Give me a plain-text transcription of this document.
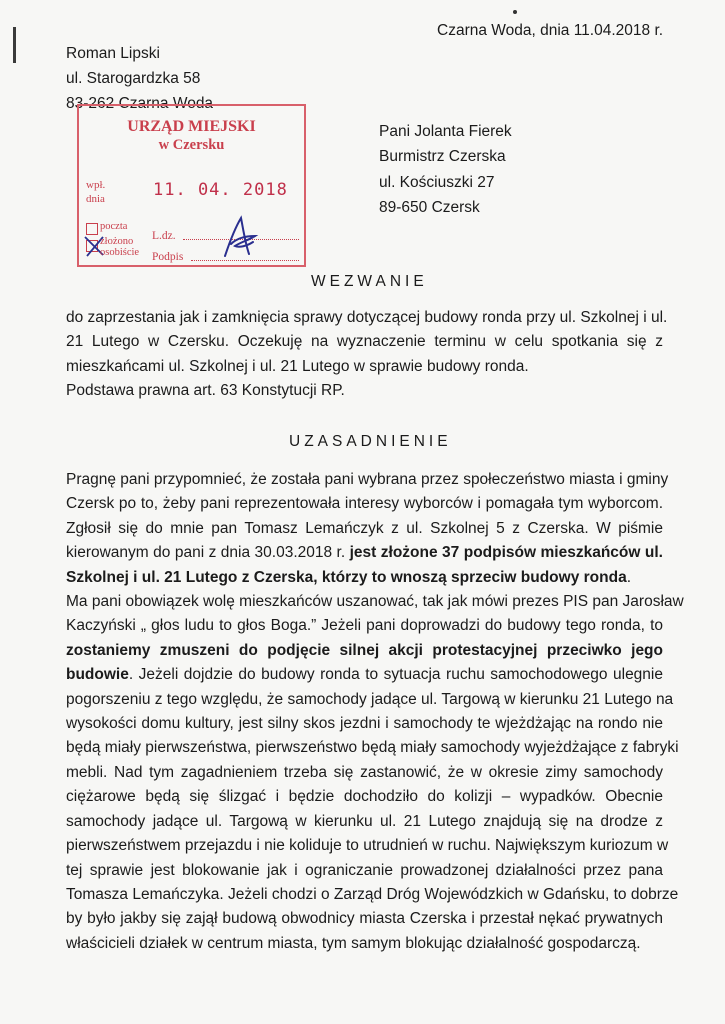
Czarna Woda, dnia 11.04.2018 r.
Roman Lipski
ul. Starogardzka 58
83-262 Czarna Woda
Pani Jolanta Fierek
Burmistrz Czerska
ul. Kościuszki 27
89-650 Czersk
URZĄD MIEJSKI
w Czersku
wpł.
dnia	11. 04. 2018
poczta
złożono
osobiście
L.dz.
Podpis
WEZWANIE
do zaprzestania jak i zamknięcia sprawy dotyczącej budowy ronda przy ul. Szkolnej i ul.
21 Lutego w Czersku. Oczekuję na wyznaczenie terminu w celu spotkania się z
mieszkańcami ul. Szkolnej i ul. 21 Lutego w sprawie budowy ronda.
Podstawa prawna art. 63 Konstytucji RP.
UZASADNIENIE
Pragnę pani przypomnieć, że została pani wybrana przez społeczeństwo miasta i gminy
Czersk po to, żeby pani reprezentowała interesy wyborców i pomagała tym wyborcom.
Zgłosił się do mnie pan Tomasz Lemańczyk z ul. Szkolnej 5 z Czerska. W piśmie
kierowanym do pani z dnia 30.03.2018 r. jest złożone 37 podpisów mieszkańców ul.
Szkolnej i ul. 21 Lutego z Czerska, którzy to wnoszą sprzeciw budowy ronda.
Ma pani obowiązek wolę mieszkańców uszanować, tak jak mówi prezes PIS pan Jarosław
Kaczyński „ głos ludu to głos Boga.” Jeżeli pani doprowadzi do budowy tego ronda, to
zostaniemy zmuszeni do podjęcie silnej akcji protestacyjnej przeciwko jego
budowie. Jeżeli dojdzie do budowy ronda to sytuacja ruchu samochodowego ulegnie
pogorszeniu z tego względu, że samochody jadące ul. Targową w kierunku 21 Lutego na
wysokości domu kultury, jest silny skos jezdni i samochody te wjeżdżając na rondo nie
będą miały pierwszeństwa, pierwszeństwo będą miały samochody wyjeżdżające z fabryki
mebli. Nad tym zagadnieniem trzeba się zastanowić, że w okresie zimy samochody
ciężarowe będą się ślizgać i będzie dochodziło do kolizji – wypadków. Obecnie
samochody jadące ul. Targową w kierunku ul. 21 Lutego znajdują się na drodze z
pierwszeństwem przejazdu i nie koliduje to utrudnień w ruchu. Największym kuriozum w
tej sprawie jest blokowanie jak i ograniczanie prowadzonej działalności przez pana
Tomasza Lemańczyka. Jeżeli chodzi o Zarząd Dróg Wojewódzkich w Gdańsku, to dobrze
by było jakby się zajął budową obwodnicy miasta Czerska i przestał nękać prywatnych
właścicieli działek w centrum miasta, tym samym blokując działalność gospodarczą.
